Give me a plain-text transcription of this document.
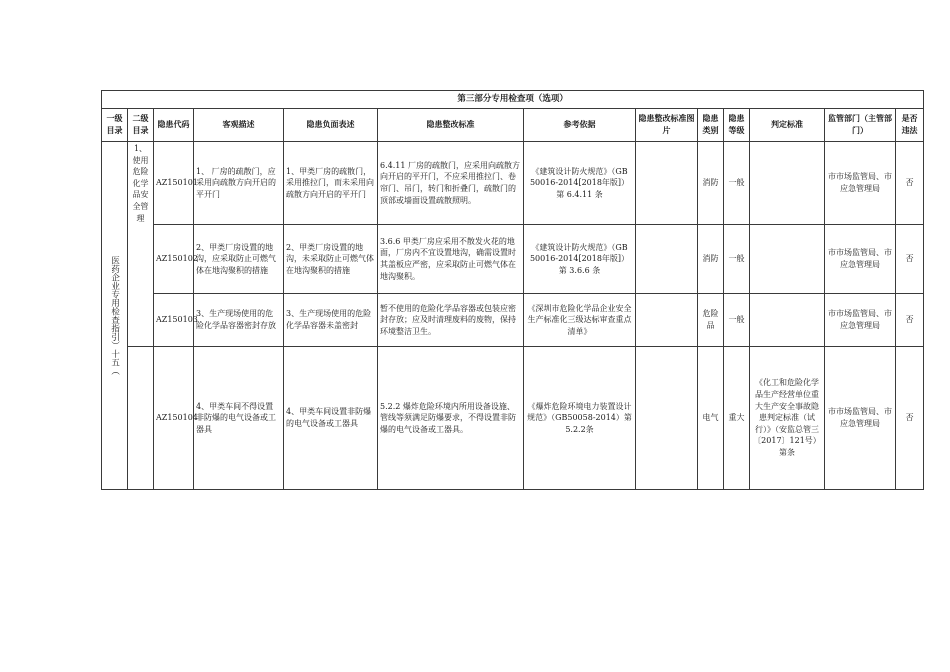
第三部分专用检查项（选项）												
一级目录	二级目录	隐患代码	客观描述	隐患负面表述	隐患整改标准	参考依据	隐患整改标准图片	隐患类别	隐患等级	判定标准	监管部门（主管部门）	是否违法

医药企业专用检查指引）十五（	1、使用危险化学品安全管理	AZ150101	1、 厂房的疏散门，应采用向疏散方向开启的平开门	1、甲类厂房的疏散门，采用推拉门，而未采用向疏散方向开启的平开门	6.4.11 厂房的疏散门，应采用向疏散方向开启的平开门，不应采用推拉门、卷帘门、吊门，转门和折叠门，疏散门的顶部或墙面设置疏散照明。	《建筑设计防火规范》（GB 50016-2014[2018年版]）第 6.4.11 条		消防	一般		市市场监管局、市应急管理局	否
		AZ150102	2、甲类厂房设置的地沟，应采取防止可燃气体在地沟聚积的措施	2、甲类厂房设置的地沟，未采取防止可燃气体在地沟聚积的措施	3.6.6 甲类厂房应采用不散发火花的地面，厂房内不宜设置地沟，确需设置时其盖板应严密，应采取防止可燃气体在地沟聚积。	《建筑设计防火规范》（GB 50016-2014[2018年版]）第 3.6.6 条		消防	一般		市市场监管局、市应急管理局	否
		AZ150103	3、生产现场使用的危险化学品容器密封存放	3、生产现场使用的危险化学品容器未盖密封	暂不使用的危险化学品容器或包装应密封存放；应及时清理废料的废物，保持环境整洁卫生。	《深圳市危险化学品企业安全生产标准化三级达标审查重点清单》		危险品	一般		市市场监管局、市应急管理局	否
		AZ150104	4、甲类车间不得设置非防爆的电气设备或工器具	4、甲类车间设置非防爆的电气设备或工器具	5.2.2 爆炸危险环境内所用设备设施、管线等须满足防爆要求，不得设置非防爆的电气设备或工器具。	《爆炸危险环境电力装置设计规范》（GB50058-2014）第5.2.2条		电气	重大	《化工和危险化学品生产经营单位重大生产安全事故隐患判定标准（试行）》（安监总管三〔2017〕121号）第条	市市场监管局、市应急管理局	否
